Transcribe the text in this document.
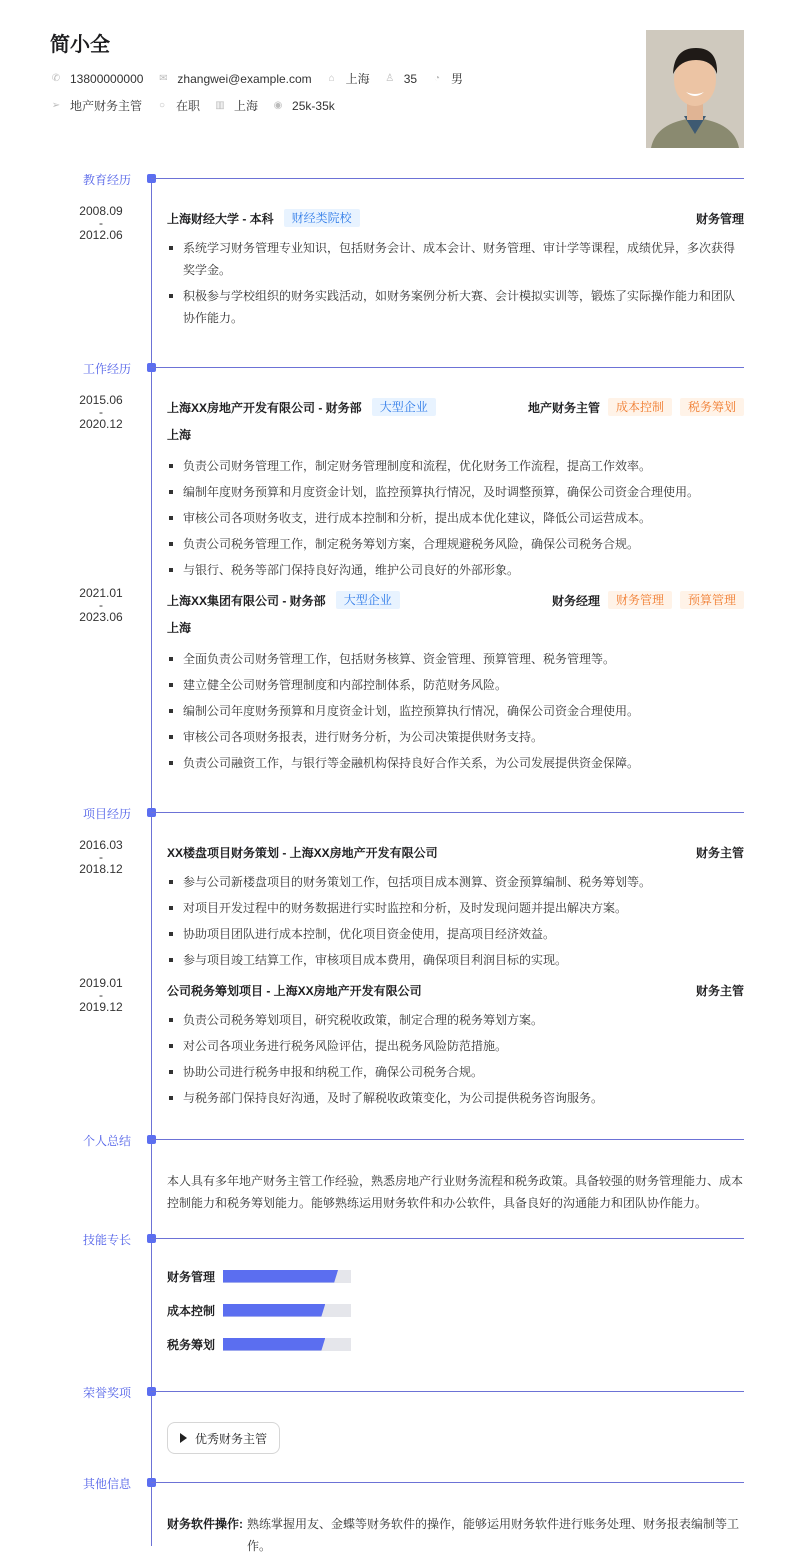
简小全
✆ 13800000000 ✉ zhangwei@example.com ⌂ 上海 ♙ 35 ◔ 男
➢ 地产财务主管 ○ 在职 ▥ 上海 ◉ 25k-35k
教育经历
2008.09
-
2012.06
上海财经大学 - 本科	财经类院校	财务管理
系统学习财务管理专业知识，包括财务会计、成本会计、财务管理、审计学等课程，成绩优异，多次获得奖学金。
积极参与学校组织的财务实践活动，如财务案例分析大赛、会计模拟实训等，锻炼了实际操作能力和团队协作能力。
工作经历
2015.06
-
2020.12
上海XX房地产开发有限公司 - 财务部	大型企业	地产财务主管	成本控制	税务筹划
上海
负责公司财务管理工作，制定财务管理制度和流程，优化财务工作流程，提高工作效率。
编制年度财务预算和月度资金计划，监控预算执行情况，及时调整预算，确保公司资金合理使用。
审核公司各项财务收支，进行成本控制和分析，提出成本优化建议，降低公司运营成本。
负责公司税务管理工作，制定税务筹划方案，合理规避税务风险，确保公司税务合规。
与银行、税务等部门保持良好沟通，维护公司良好的外部形象。
2021.01
-
2023.06
上海XX集团有限公司 - 财务部	大型企业	财务经理	财务管理	预算管理
上海
全面负责公司财务管理工作，包括财务核算、资金管理、预算管理、税务管理等。
建立健全公司财务管理制度和内部控制体系，防范财务风险。
编制公司年度财务预算和月度资金计划，监控预算执行情况，确保公司资金合理使用。
审核公司各项财务报表，进行财务分析，为公司决策提供财务支持。
负责公司融资工作，与银行等金融机构保持良好合作关系，为公司发展提供资金保障。
项目经历
2016.03
-
2018.12
XX楼盘项目财务策划 - 上海XX房地产开发有限公司	财务主管
参与公司新楼盘项目的财务策划工作，包括项目成本测算、资金预算编制、税务筹划等。
对项目开发过程中的财务数据进行实时监控和分析，及时发现问题并提出解决方案。
协助项目团队进行成本控制，优化项目资金使用，提高项目经济效益。
参与项目竣工结算工作，审核项目成本费用，确保项目利润目标的实现。
2019.01
-
2019.12
公司税务筹划项目 - 上海XX房地产开发有限公司	财务主管
负责公司税务筹划项目，研究税收政策，制定合理的税务筹划方案。
对公司各项业务进行税务风险评估，提出税务风险防范措施。
协助公司进行税务申报和纳税工作，确保公司税务合规。
与税务部门保持良好沟通，及时了解税收政策变化，为公司提供税务咨询服务。
个人总结
本人具有多年地产财务主管工作经验，熟悉房地产行业财务流程和税务政策。具备较强的财务管理能力、成本控制能力和税务筹划能力。能够熟练运用财务软件和办公软件，具备良好的沟通能力和团队协作能力。
技能专长
财务管理
成本控制
税务筹划
荣誉奖项
优秀财务主管
其他信息
财务软件操作: 熟练掌握用友、金蝶等财务软件的操作，能够运用财务软件进行账务处理、财务报表编制等工作。
